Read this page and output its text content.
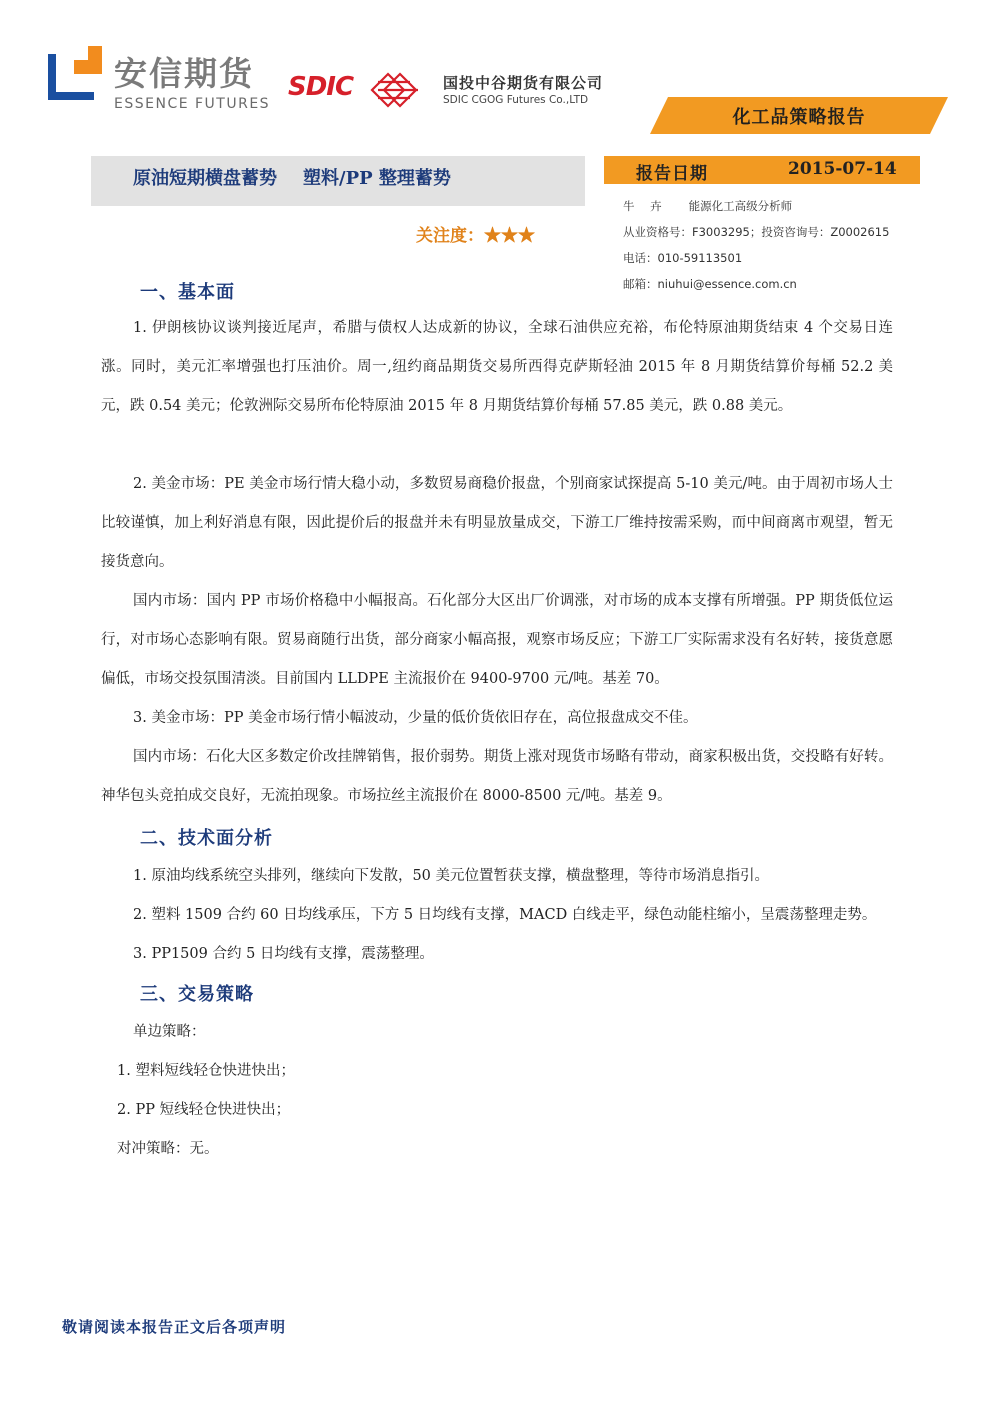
安信期货
ESSENCE FUTURES
SDIC	国投中谷期货有限公司
SDIC CGOG Futures Co.,LTD
化工品策略报告
原油短期横盘蓄势 塑料/PP 整理蓄势	报告日期	2015-07-14
关注度：★★★
牛 卉 能源化工高级分析师
从业资格号：F3003295；投资咨询号：Z0002615
电话：010-59113501
邮箱：niuhui@essence.com.cn
一、基本面
1. 伊朗核协议谈判接近尾声，希腊与债权人达成新的协议，全球石油供应充裕，布伦特原油期货结束 4 个交易日连涨。同时，美元汇率增强也打压油价。周一,纽约商品期货交易所西得克萨斯轻油 2015 年 8 月期货结算价每桶 52.2 美元，跌 0.54 美元；伦敦洲际交易所布伦特原油 2015 年 8 月期货结算价每桶 57.85 美元，跌 0.88 美元。
2. 美金市场：PE 美金市场行情大稳小动，多数贸易商稳价报盘，个别商家试探提高 5-10 美元/吨。由于周初市场人士比较谨慎，加上利好消息有限，因此提价后的报盘并未有明显放量成交，下游工厂维持按需采购，而中间商离市观望，暂无接货意向。
国内市场：国内 PP 市场价格稳中小幅报高。石化部分大区出厂价调涨，对市场的成本支撑有所增强。PP 期货低位运行，对市场心态影响有限。贸易商随行出货，部分商家小幅高报，观察市场反应；下游工厂实际需求没有名好转，接货意愿偏低，市场交投氛围清淡。目前国内 LLDPE 主流报价在 9400-9700 元/吨。基差 70。
3. 美金市场：PP 美金市场行情小幅波动，少量的低价货依旧存在，高位报盘成交不佳。
国内市场：石化大区多数定价改挂牌销售，报价弱势。期货上涨对现货市场略有带动，商家积极出货，交投略有好转。神华包头竞拍成交良好，无流拍现象。市场拉丝主流报价在 8000-8500 元/吨。基差 9。
二、技术面分析
1. 原油均线系统空头排列，继续向下发散，50 美元位置暂获支撑，横盘整理，等待市场消息指引。
2. 塑料 1509 合约 60 日均线承压，下方 5 日均线有支撑，MACD 白线走平，绿色动能柱缩小，呈震荡整理走势。
3. PP1509 合约 5 日均线有支撑，震荡整理。
三、交易策略
单边策略：
1. 塑料短线轻仓快进快出；
2. PP 短线轻仓快进快出；
对冲策略：无。
敬请阅读本报告正文后各项声明
